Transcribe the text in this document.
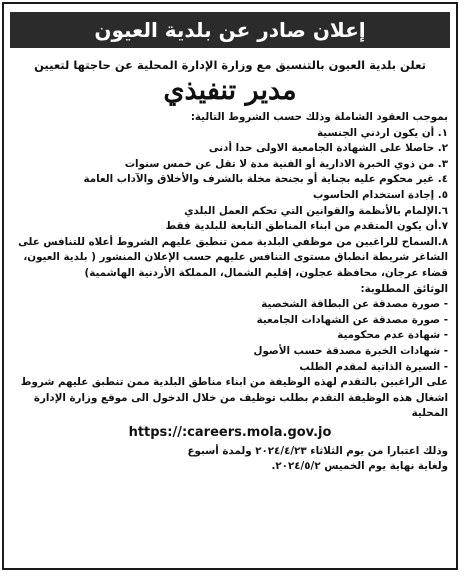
إعلان صادر عن بلدية العيون
تعلن بلدية العيون بالتنسيق مع وزارة الإدارة المحلية عن حاجتها لتعيين
مدير تنفيذي
بموجب العقود الشاملة وذلك حسب الشروط التالية:
١. أن يكون اردني الجنسية
٢. حاصلا على الشهادة الجامعية الاولى حدا أدنى
٣. من ذوي الخبرة الادارية أو الفنية مدة لا تقل عن خمس سنوات
٤. غير محكوم عليه بجناية أو بجنحة مخلة بالشرف والأخلاق والآداب العامة
٥. إجادة استخدام الحاسوب
٦.الإلمام بالأنظمة والقوانين التي تحكم العمل البلدي
٧.أن يكون المتقدم من ابناء المناطق التابعة للبلدية فقط
٨.السماح للراغبين من موظفي البلدية ممن تنطبق عليهم الشروط أعلاه للتنافس على الشاغر شريطة انطباق مستوى التنافس عليهم حسب الإعلان المنشور ( بلدية العيون، قضاء عرجان، محافظة عجلون، إقليم الشمال، المملكة الأردنية الهاشمية)
الوثائق المطلوبة:
- صورة مصدقة عن البطاقة الشخصية
- صورة مصدقة عن الشهادات الجامعية
- شهادة عدم محكومية
- شهادات الخبرة مصدقة حسب الأصول
- السيرة الذاتية لمقدم الطلب
على الراغبين بالتقدم لهذه الوظيفة من ابناء مناطق البلدية ممن تنطبق عليهم شروط اشغال هذه الوظيفة التقدم بطلب توظيف من خلال الدخول الى موقع وزارة الإدارة المحلية
https://:careers.mola.gov.jo
وذلك اعتبارا من يوم الثلاثاء ٢٠٢٤/٤/٢٣ ولمدة أسبوع
ولغاية نهاية يوم الخميس ٢٠٢٤/٥/٢.
